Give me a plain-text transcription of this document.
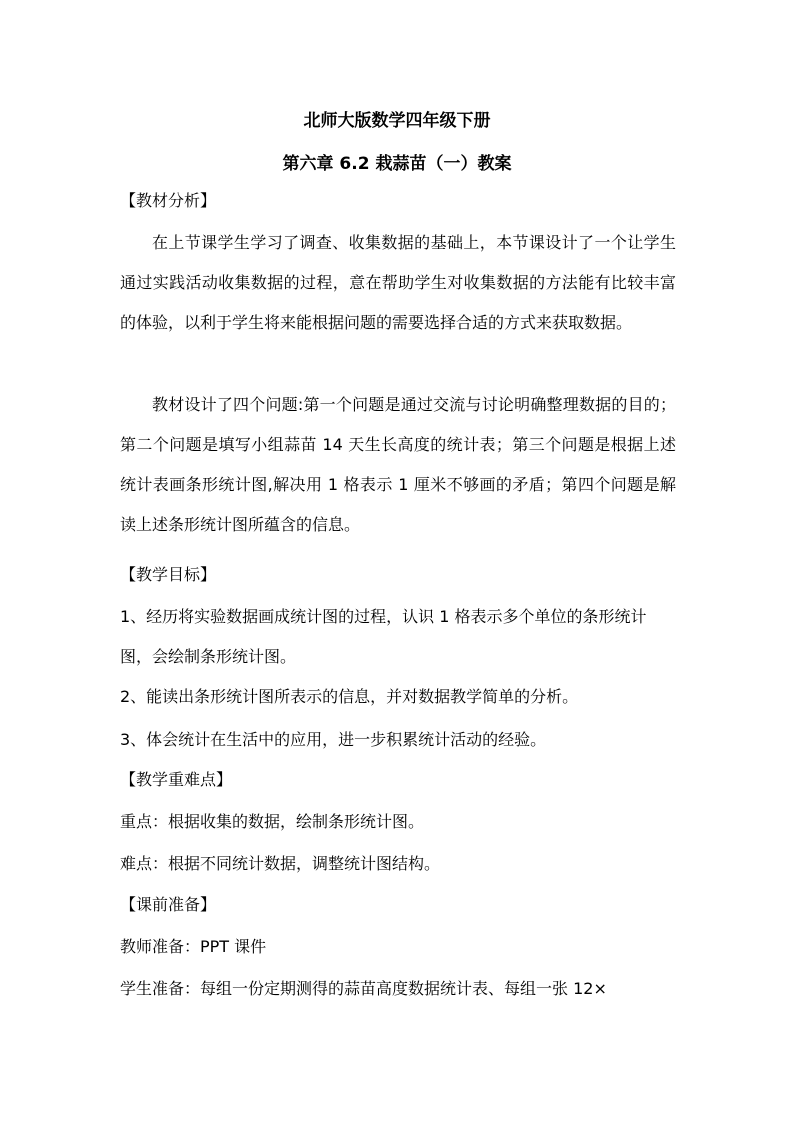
北师大版数学四年级下册
第六章 6.2 栽蒜苗（一）教案
【教材分析】

在上节课学生学习了调查、收集数据的基础上，本节课设计了一个让学生通过实践活动收集数据的过程，意在帮助学生对收集数据的方法能有比较丰富的体验，以利于学生将来能根据问题的需要选择合适的方式来获取数据。

教材设计了四个问题:第一个问题是通过交流与讨论明确整理数据的目的；第二个问题是填写小组蒜苗 14 天生长高度的统计表；第三个问题是根据上述统计表画条形统计图,解决用 1 格表示 1 厘米不够画的矛盾；第四个问题是解读上述条形统计图所蕴含的信息。

【教学目标】

1、经历将实验数据画成统计图的过程，认识 1 格表示多个单位的条形统计图，会绘制条形统计图。

2、能读出条形统计图所表示的信息，并对数据教学简单的分析。

3、体会统计在生活中的应用，进一步积累统计活动的经验。

【教学重难点】

重点：根据收集的数据，绘制条形统计图。

难点：根据不同统计数据，调整统计图结构。

【课前准备】

教师准备：PPT 课件

学生准备：每组一份定期测得的蒜苗高度数据统计表、每组一张 12×
